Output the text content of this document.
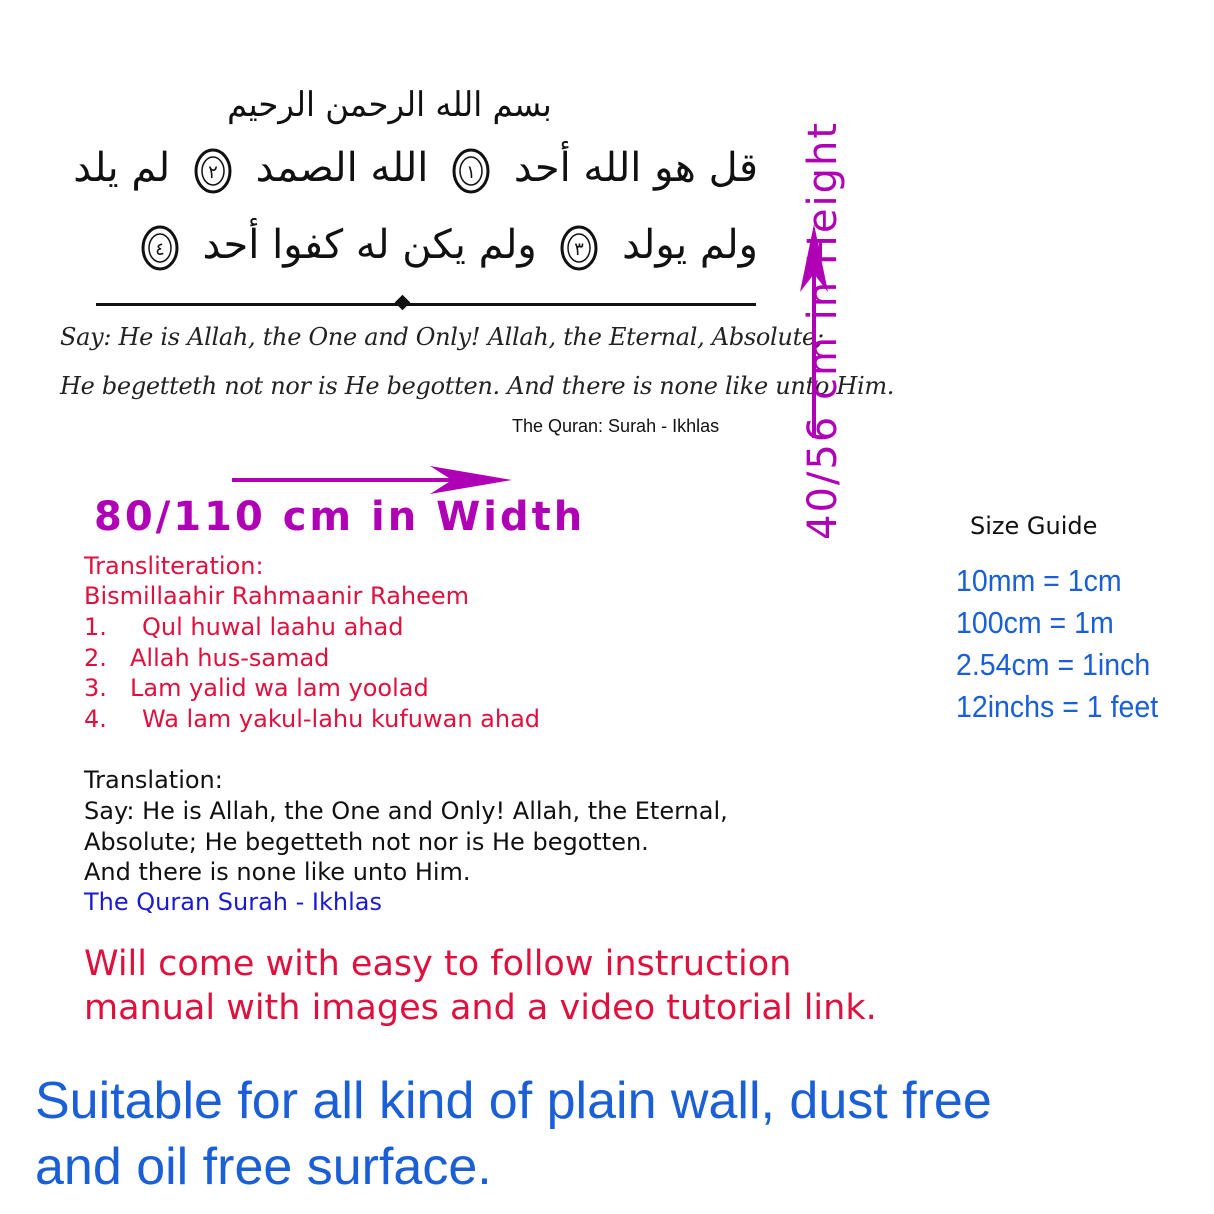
بسم الله الرحمن الرحيم
قل هو الله أحد
١
الله الصمد
٢
لم يلد
ولم يولد
٣
ولم يكن له كفوا أحد
٤
Say: He is Allah, the One and Only! Allah, the Eternal, Absolute;
He begetteth not nor is He begotten. And there is none like unto Him.
The Quran: Surah - Ikhlas
80/110 cm in Width	40/56 cm in Height	Size Guide
10mm = 1cm
100cm = 1m
2.54cm = 1inch
12inchs = 1 feet
Transliteration:
Bismillaahir Rahmaanir Raheem
1. Qul huwal laahu ahad
2. Allah hus-samad
3. Lam yalid wa lam yoolad
4. Wa lam yakul-lahu kufuwan ahad
Translation:
Say: He is Allah, the One and Only! Allah, the Eternal,
Absolute; He begetteth not nor is He begotten.
And there is none like unto Him.
The Quran Surah - Ikhlas
Will come with easy to follow instruction
manual with images and a video tutorial link.
Suitable for all kind of plain wall, dust free
and oil free surface.
